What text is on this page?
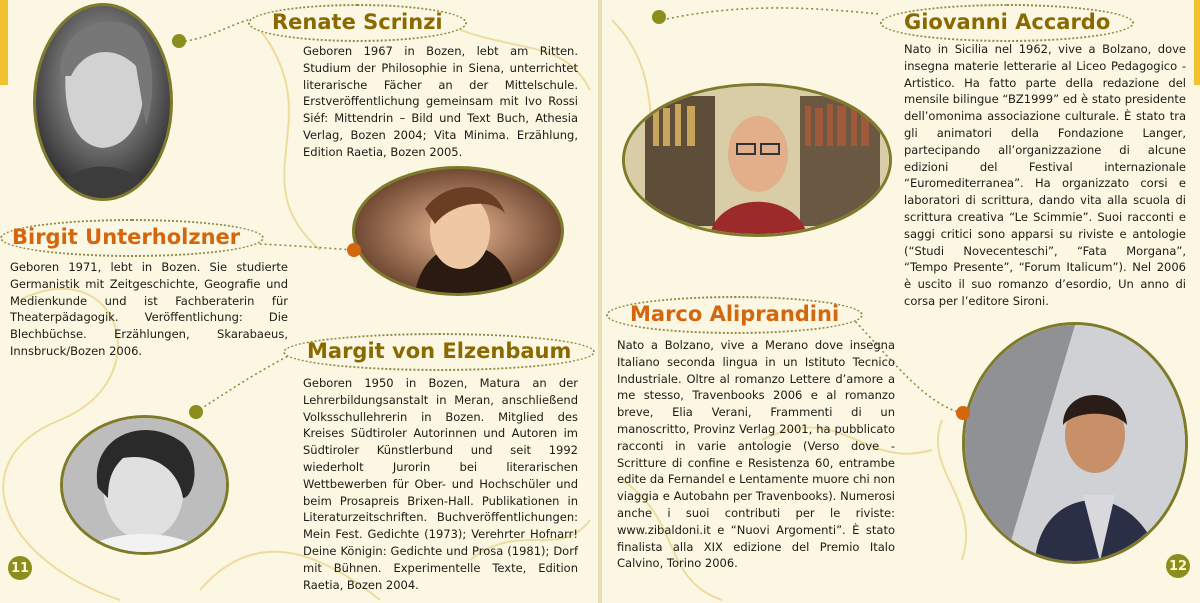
Renate Scrinzi
Geboren 1967 in Bozen, lebt am Ritten. Studium der Philosophie in Siena, unterrichtet literarische Fächer an der Mittelschule. Erstveröffentlichung gemeinsam mit Ivo Rossi Siéf: Mittendrin – Bild und Text Buch, Athesia Verlag, Bozen 2004; Vita Minima. Erzählung, Edition Raetia, Bozen 2005.
Birgit Unterholzner
Geboren 1971, lebt in Bozen. Sie studierte Germanistik mit Zeitgeschichte, Geografie und Medienkunde und ist Fachberaterin für Theaterpädagogik. Veröffentlichung: Die Blechbüchse. Erzählungen, Skarabaeus, Innsbruck/Bozen 2006.	Margit von Elzenbaum
Geboren 1950 in Bozen, Matura an der Lehrerbildungsanstalt in Meran, anschließend Volksschullehrerin in Bozen. Mitglied des Kreises Südtiroler Autorinnen und Autoren im Südtiroler Künstlerbund und seit 1992 wiederholt Jurorin bei literarischen Wettbewerben für Ober- und Hochschüler und beim Prosapreis Brixen-Hall. Publikationen in Literaturzeitschriften. Buchveröffentlichungen: Mein Fest. Gedichte (1973); Verehrter Hofnarr! Deine Königin: Gedichte und Prosa (1981); Dorf mit Bühnen. Experimentelle Texte, Edition Raetia, Bozen 2004.
11
Giovanni Accardo
Nato in Sicilia nel 1962, vive a Bolzano, dove insegna materie letterarie al Liceo Pedagogico - Artistico. Ha fatto parte della redazione del mensile bilingue “BZ1999” ed è stato presidente dell’omonima associazione culturale. È stato tra gli animatori della Fondazione Langer, partecipando all’organizzazione di alcune edizioni del Festival internazionale “Euromediterranea”. Ha organizzato corsi e laboratori di scrittura, dando vita alla scuola di scrittura creativa “Le Scimmie”. Suoi racconti e saggi critici sono apparsi su riviste e antologie (“Studi Novecenteschi”, “Fata Morgana”, “Tempo Presente”, “Forum Italicum”). Nel 2006 è uscito il suo romanzo d’esordio, Un anno di corsa per l’editore Sironi.
Marco Aliprandini
Nato a Bolzano, vive a Merano dove insegna Italiano seconda lingua in un Istituto Tecnico Industriale. Oltre al romanzo Lettere d’amore a me stesso, Travenbooks 2006 e al romanzo breve, Elia Verani, Frammenti di un manoscritto, Provinz Verlag 2001, ha pubblicato racconti in varie antologie (Verso dove - Scritture di confine e Resistenza 60, entrambe edite da Fernandel e Lentamente muore chi non viaggia e Autobahn per Travenbooks). Numerosi anche i suoi contributi per le riviste: www.zibaldoni.it e “Nuovi Argomenti”. È stato finalista alla XIX edizione del Premio Italo Calvino, Torino 2006.	12
